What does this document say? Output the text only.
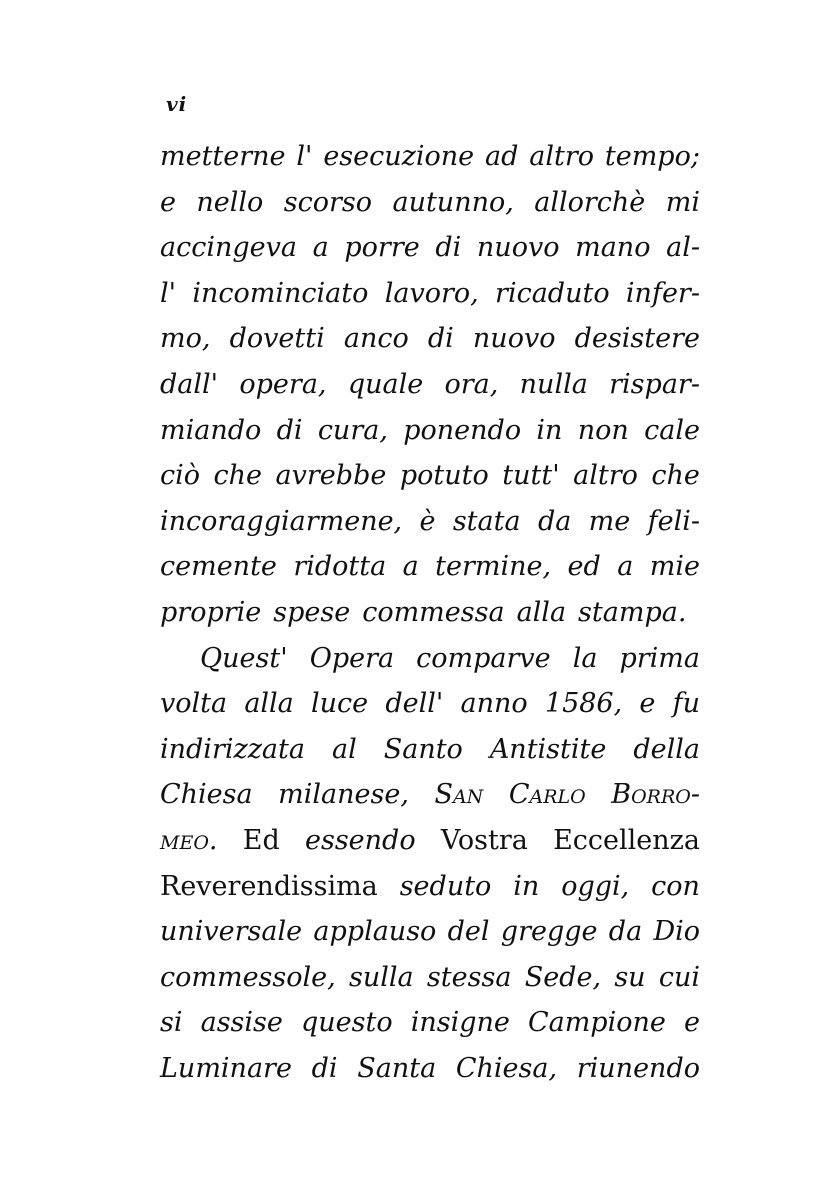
vi
metterne l' esecuzione ad altro tempo;
e nello scorso autunno, allorchè mi
accingeva a porre di nuovo mano al-
l' incominciato lavoro, ricaduto infer-
mo, dovetti anco di nuovo desistere
dall' opera, quale ora, nulla rispar-
miando di cura, ponendo in non cale
ciò che avrebbe potuto tutt' altro che
incoraggiarmene, è stata da me feli-
cemente ridotta a termine, ed a mie
proprie spese commessa alla stampa.
Quest' Opera comparve la prima
volta alla luce dell' anno 1586, e fu
indirizzata al Santo Antistite della
Chiesa milanese, San Carlo Borro-
meo. Ed essendo Vostra Eccellenza
Reverendissima seduto in oggi, con
universale applauso del gregge da Dio
commessole, sulla stessa Sede, su cui
si assise questo insigne Campione e
Luminare di Santa Chiesa, riunendo
